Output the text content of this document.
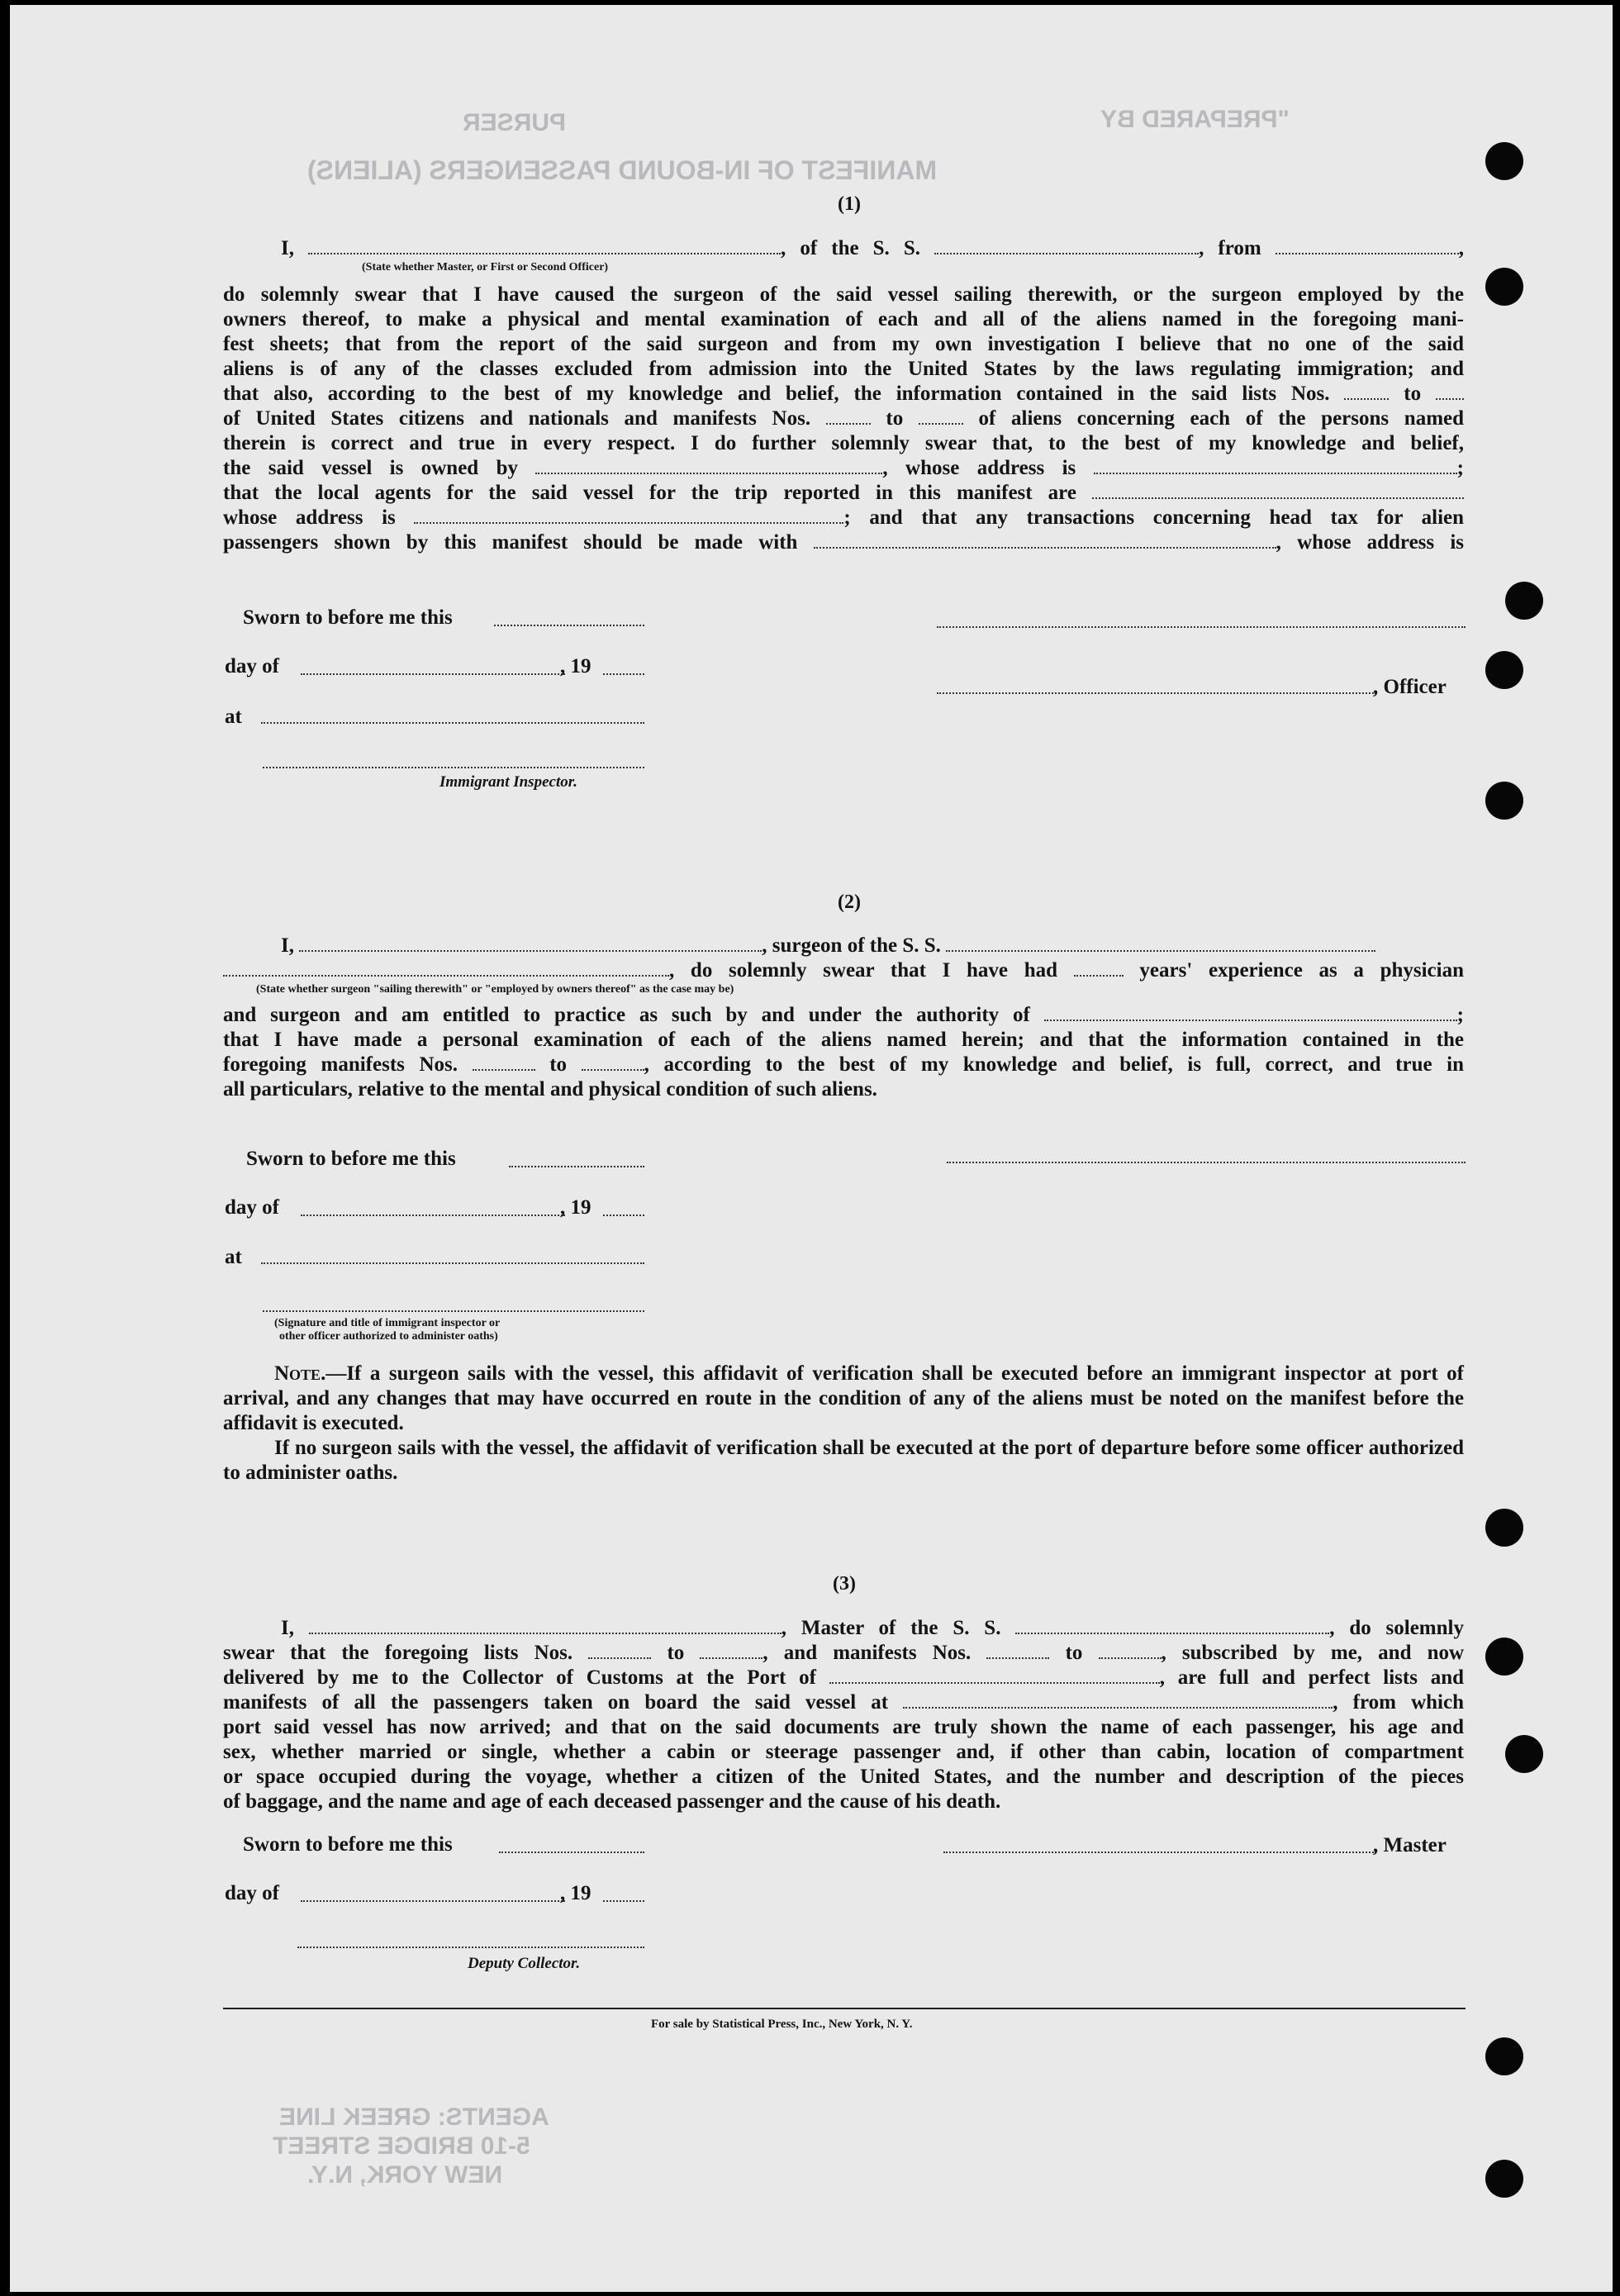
"PREPARED BY
PURSER
MANIFEST OF IN-BOUND PASSENGERS (ALIENS)
AGENTS: GREEK LINE
5-10 BRIDGE STREET
NEW YORK, N.Y.
(1)

I,	, of the S. S.	, from	,

(State whether Master, or First or Second Officer)

do solemnly swear that I have caused the surgeon of the said vessel sailing therewith, or the surgeon employed by the

owners thereof, to make a physical and mental examination of each and all of the aliens named in the foregoing mani-

fest sheets; that from the report of the said surgeon and from my own investigation I believe that no one of the said

aliens is of any of the classes excluded from admission into the United States by the laws regulating immigration; and

that also, according to the best of my knowledge and belief, the information contained in the said lists Nos.	to

of United States citizens and nationals and manifests Nos.	to	of aliens concerning each of the persons named

therein is correct and true in every respect. I do further solemnly swear that, to the best of my knowledge and belief,

the said vessel is owned by	, whose address is	;

that the local agents for the said vessel for the trip reported in this manifest are

whose address is	; and that any transactions concerning head tax for alien

passengers shown by this manifest should be made with	, whose address is

Sworn to before me this
day of	, 19
at
Immigrant Inspector.
, Officer
(2)

I,	, surgeon of the S. S.

, do solemnly swear that I have had	years' experience as a physician

(State whether surgeon "sailing therewith" or "employed by owners thereof" as the case may be)

and surgeon and am entitled to practice as such by and under the authority of	;

that I have made a personal examination of each of the aliens named herein; and that the information contained in the

foregoing manifests Nos.	to	, according to the best of my knowledge and belief, is full, correct, and true in

all particulars, relative to the mental and physical condition of such aliens.

Sworn to before me this
day of	, 19
at
(Signature and title of immigrant inspector or
other officer authorized to administer oaths)

Note.—If a surgeon sails with the vessel, this affidavit of verification shall be executed before an immigrant inspector at port of arrival, and any changes that may have occurred en route in the condition of any of the aliens must be noted on the manifest before the affidavit is executed.

If no surgeon sails with the vessel, the affidavit of verification shall be executed at the port of departure before some officer authorized to administer oaths.

(3)

I,	, Master of the S. S.	, do solemnly

swear that the foregoing lists Nos.	to	, and manifests Nos.	to	, subscribed by me, and now

delivered by me to the Collector of Customs at the Port of	, are full and perfect lists and

manifests of all the passengers taken on board the said vessel at	, from which

port said vessel has now arrived; and that on the said documents are truly shown the name of each passenger, his age and

sex, whether married or single, whether a cabin or steerage passenger and, if other than cabin, location of compartment

or space occupied during the voyage, whether a citizen of the United States, and the number and description of the pieces

of baggage, and the name and age of each deceased passenger and the cause of his death.

Sworn to before me this	, Master
day of	, 19
Deputy Collector.
For sale by Statistical Press, Inc., New York, N. Y.
